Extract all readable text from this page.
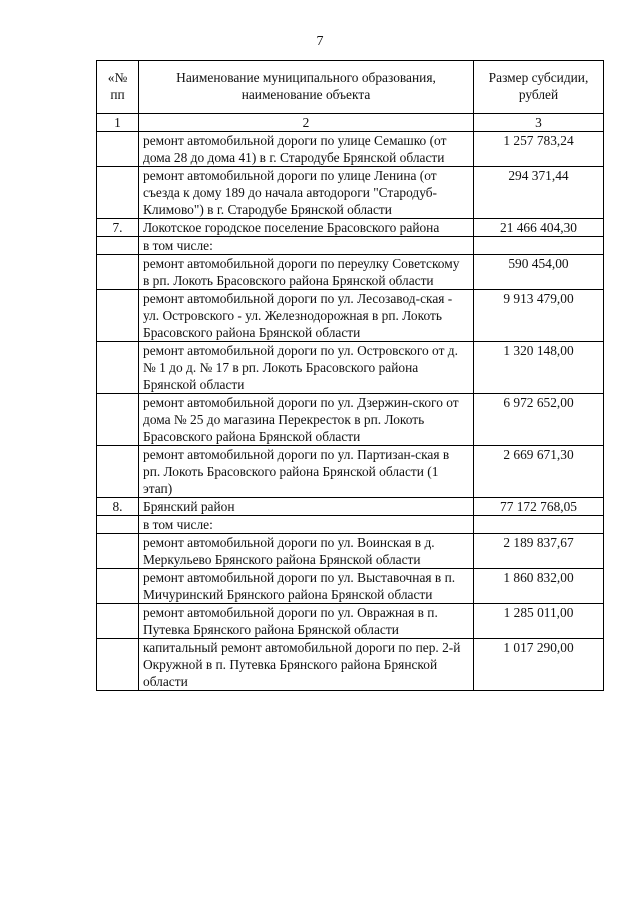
7
«№ пп	Наименование муниципального образования, наименование объекта	Размер субсидии, рублей
1	2	3
	ремонт автомобильной дороги по улице Семашко (от дома 28 до дома 41) в г. Стародубе Брянской области	1 257 783,24
	ремонт автомобильной дороги по улице Ленина (от съезда к дому 189 до начала автодороги "Стародуб-Климово") в г. Стародубе Брянской области	294 371,44
7.	Локотское городское поселение Брасовского района	21 466 404,30
	в том числе:	
	ремонт автомобильной дороги по переулку Советскому в рп. Локоть Брасовского района Брянской области	590 454,00
	ремонт автомобильной дороги по ул. Лесозавод-ская - ул. Островского - ул. Железнодорожная в рп. Локоть Брасовского района Брянской области	9 913 479,00
	ремонт автомобильной дороги по ул. Островского от д. № 1 до д. № 17 в рп. Локоть Брасовского района Брянской области	1 320 148,00
	ремонт автомобильной дороги по ул. Дзержин-ского от дома № 25 до магазина Перекресток в рп. Локоть Брасовского района Брянской области	6 972 652,00
	ремонт автомобильной дороги по ул. Партизан-ская в рп. Локоть Брасовского района Брянской области (1 этап)	2 669 671,30
8.	Брянский район	77 172 768,05
	в том числе:	
	ремонт автомобильной дороги по ул. Воинская в д. Меркульево Брянского района Брянской области	2 189 837,67
	ремонт автомобильной дороги по ул. Выставочная в п. Мичуринский Брянского района Брянской области	1 860 832,00
	ремонт автомобильной дороги по ул. Овражная в п. Путевка Брянского района Брянской области	1 285 011,00
	капитальный ремонт автомобильной дороги по пер. 2-й Окружной в п. Путевка Брянского района Брянской области	1 017 290,00
